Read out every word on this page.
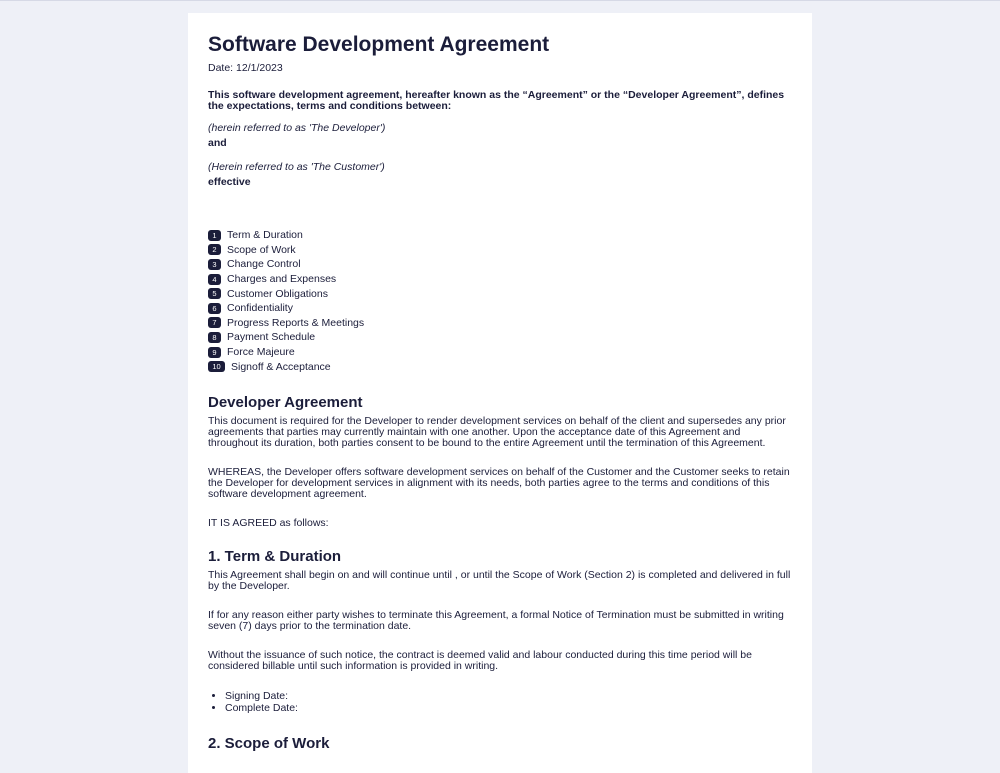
Software Development Agreement
Date: 12/1/2023
This software development agreement, hereafter known as the “Agreement” or the “Developer Agreement”, defines the expectations, terms and conditions between:
(herein referred to as 'The Developer')
and
(Herein referred to as 'The Customer')
effective
1 Term & Duration
2 Scope of Work
3 Change Control
4 Charges and Expenses
5 Customer Obligations
6 Confidentiality
7 Progress Reports & Meetings
8 Payment Schedule
9 Force Majeure
10 Signoff & Acceptance
Developer Agreement
This document is required for the Developer to render development services on behalf of the client and supersedes any prior agreements that parties may currently maintain with one another. Upon the acceptance date of this Agreement and throughout its duration, both parties consent to be bound to the entire Agreement until the termination of this Agreement.
WHEREAS, the Developer offers software development services on behalf of the Customer and the Customer seeks to retain the Developer for development services in alignment with its needs, both parties agree to the terms and conditions of this software development agreement.
IT IS AGREED as follows:
1. Term & Duration
This Agreement shall begin on and will continue until , or until the Scope of Work (Section 2) is completed and delivered in full by the Developer.
If for any reason either party wishes to terminate this Agreement, a formal Notice of Termination must be submitted in writing seven (7) days prior to the termination date.
Without the issuance of such notice, the contract is deemed valid and labour conducted during this time period will be considered billable until such information is provided in writing.
• Signing Date:
• Complete Date:
2. Scope of Work
